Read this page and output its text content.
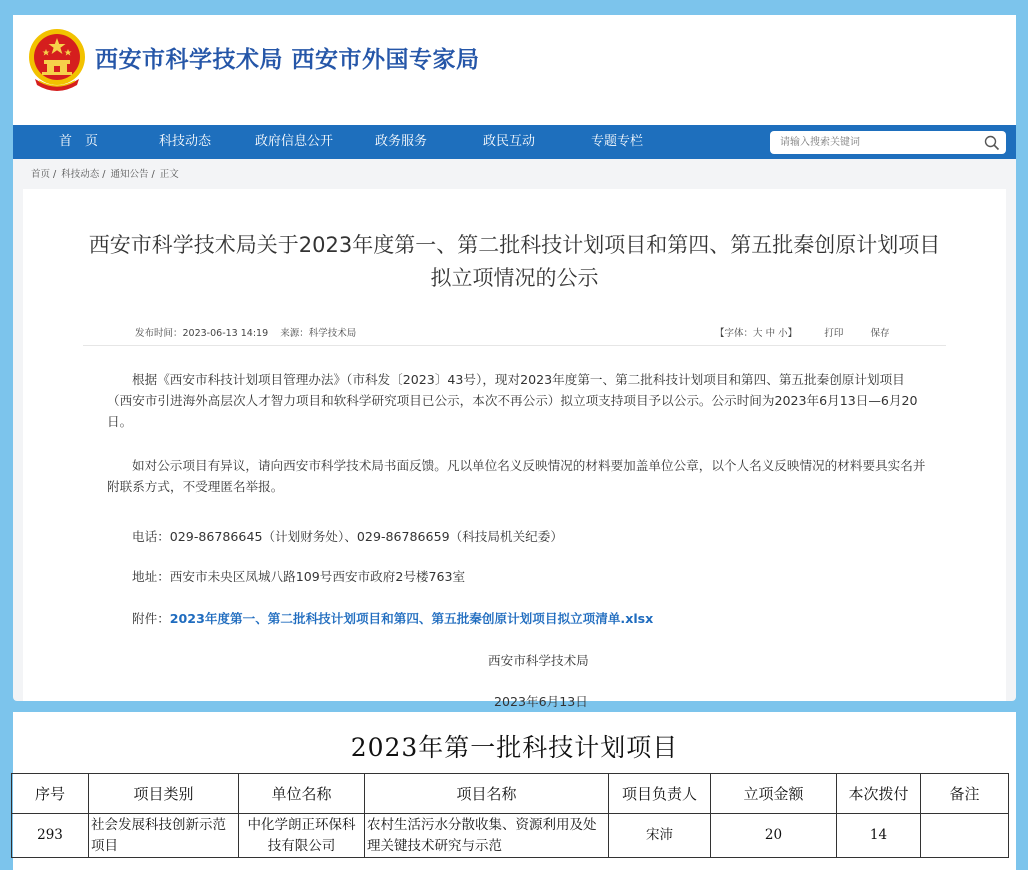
西安市科学技术局 西安市外国专家局
首　页	科技动态	政府信息公开	政务服务	政民互动	专题专栏
请输入搜索关键词
首页 / 科技动态 / 通知公告 / 正文
西安市科学技术局关于2023年度第一、第二批科技计划项目和第四、第五批秦创原计划项目拟立项情况的公示
发布时间：2023-06-13 14:19 来源：科学技术局	【字体：大 中 小】	打印	保存
根据《西安市科技计划项目管理办法》（市科发〔2023〕43号），现对2023年度第一、第二批科技计划项目和第四、第五批秦创原计划项目（西安市引进海外高层次人才智力项目和软科学研究项目已公示，本次不再公示）拟立项支持项目予以公示。公示时间为2023年6月13日—6月20日。
如对公示项目有异议，请向西安市科学技术局书面反馈。凡以单位名义反映情况的材料要加盖单位公章，以个人名义反映情况的材料要具实名并附联系方式，不受理匿名举报。
电话：029-86786645（计划财务处）、029-86786659（科技局机关纪委）
地址：西安市未央区凤城八路109号西安市政府2号楼763室
附件：2023年度第一、第二批科技计划项目和第四、第五批秦创原计划项目拟立项清单.xlsx
西安市科学技术局
2023年6月13日
2023年第一批科技计划项目
序号	项目类别	单位名称	项目名称	项目负责人	立项金额	本次拨付	备注
293	社会发展科技创新示范项目	中化学朗正环保科技有限公司	农村生活污水分散收集、资源利用及处理关键技术研究与示范	宋沛	20	14	
